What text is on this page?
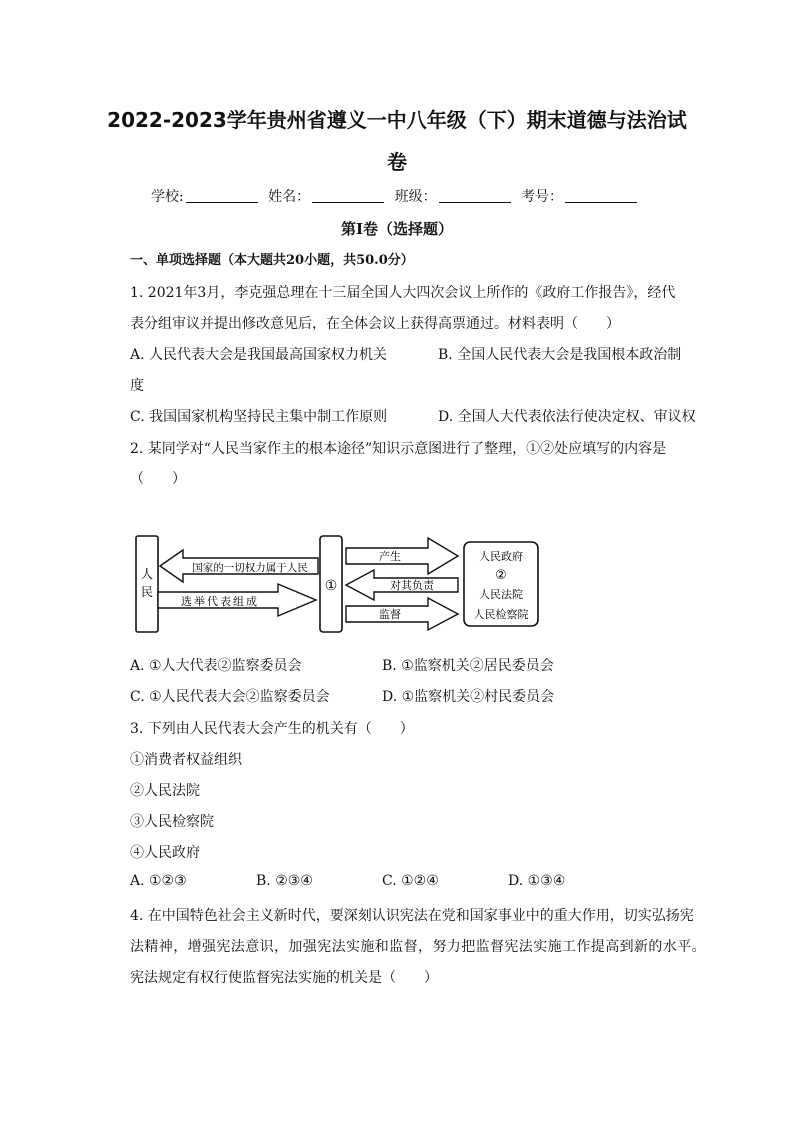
2022-2023学年贵州省遵义一中八年级（下）期末道德与法治试
卷
学校:	姓名：	班级：	考号：
第I卷（选择题）
一、单项选择题（本大题共20小题，共50.0分）
1. 2021年3月，李克强总理在十三届全国人大四次会议上所作的《政府工作报告》，经代
表分组审议并提出修改意见后，在全体会议上获得高票通过。材料表明（　　）
A. 人民代表大会是我国最高国家权力机关	B. 全国人民代表大会是我国根本政治制
度
C. 我国国家机构坚持民主集中制工作原则	D. 全国人大代表依法行使决定权、审议权
2. 某同学对“人民当家作主的根本途径”知识示意图进行了整理，①②处应填写的内容是
（　　）
人民
国家的一切权力属于人民
选举代表组成
①
产生
对其负责
监督
人民政府
②
人民法院
人民检察院
A. ①人大代表②监察委员会	B. ①监察机关②居民委员会
C. ①人民代表大会②监察委员会	D. ①监察机关②村民委员会
3. 下列由人民代表大会产生的机关有（　　）
①消费者权益组织
②人民法院
③人民检察院
④人民政府
A. ①②③	B. ②③④	C. ①②④	D. ①③④
4. 在中国特色社会主义新时代，要深刻认识宪法在党和国家事业中的重大作用，切实弘扬宪
法精神，增强宪法意识，加强宪法实施和监督，努力把监督宪法实施工作提高到新的水平。
宪法规定有权行使监督宪法实施的机关是（　　）
